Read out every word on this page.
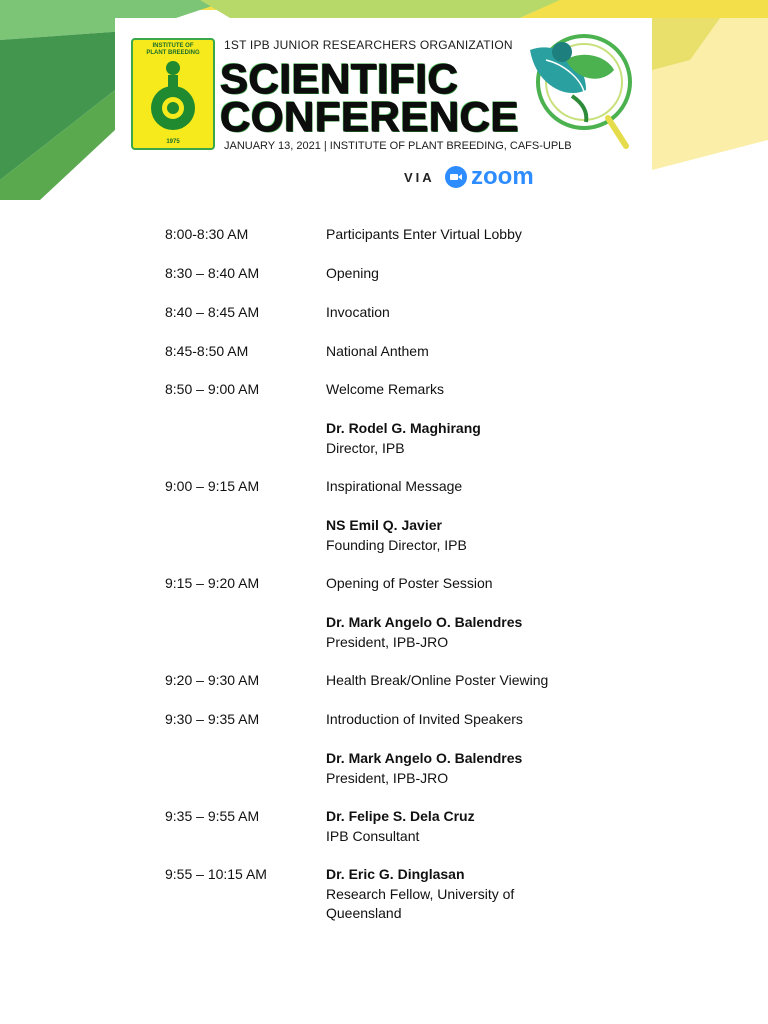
INSTITUTE OF
PLANT BREEDING
1975
1ST IPB JUNIOR RESEARCHERS ORGANIZATION
SCIENTIFIC
CONFERENCE
JANUARY 13, 2021 | INSTITUTE OF PLANT BREEDING, CAFS-UPLB
VIA zoom
8:00-8:30 AM	Participants Enter Virtual Lobby
8:30 – 8:40 AM	Opening
8:40 – 8:45 AM	Invocation
8:45-8:50 AM	National Anthem
8:50 – 9:00 AM	Welcome Remarks
Dr. Rodel G. Maghirang
Director, IPB
9:00 – 9:15 AM	Inspirational Message
NS Emil Q. Javier
Founding Director, IPB
9:15 – 9:20 AM	Opening of Poster Session
Dr. Mark Angelo O. Balendres
President, IPB-JRO
9:20 – 9:30 AM	Health Break/Online Poster Viewing
9:30 – 9:35 AM	Introduction of Invited Speakers
Dr. Mark Angelo O. Balendres
President, IPB-JRO
9:35 – 9:55 AM	Dr. Felipe S. Dela Cruz
IPB Consultant
9:55 – 10:15 AM	Dr. Eric G. Dinglasan
Research Fellow, University of Queensland
